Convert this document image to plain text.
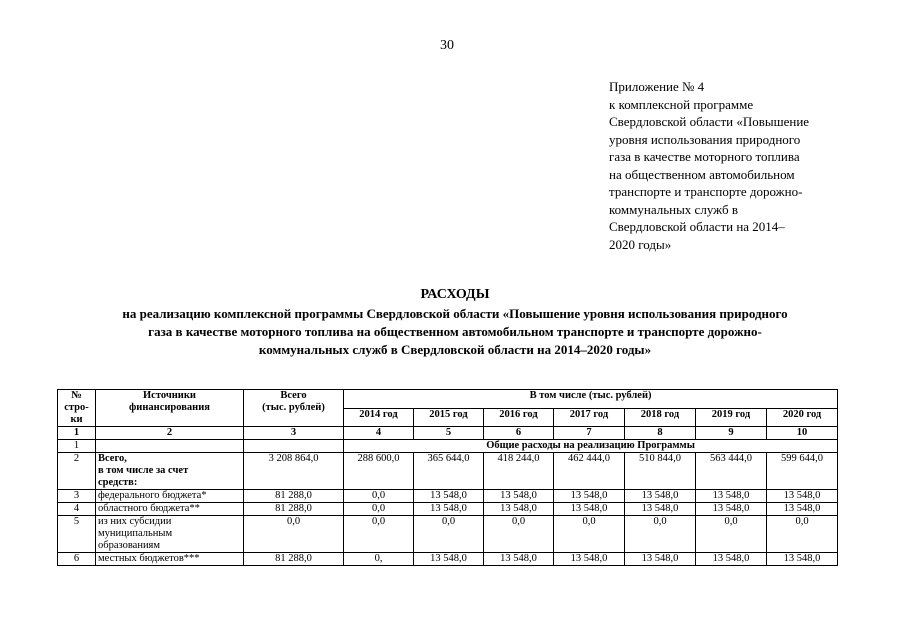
30
Приложение № 4
к комплексной программе
Свердловской области «Повышение
уровня использования природного
газа в качестве моторного топлива
на общественном автомобильном
транспорте и транспорте дорожно-
коммунальных служб в
Свердловской области на 2014–
2020 годы»
РАСХОДЫ
на реализацию комплексной программы Свердловской области «Повышение уровня использования природного
газа в качестве моторного топлива на общественном автомобильном транспорте и транспорте дорожно-
коммунальных служб в Свердловской области на 2014–2020 годы»
№
стро-
ки	Источники
финансирования	Всего
(тыс. рублей)	В том числе (тыс. рублей)						
			2014 год	2015 год	2016 год	2017 год	2018 год	2019 год	2020 год
1	2	3	4	5	6	7	8	9	10
1			Общие расходы на реализацию Программы						
2	Всего,
в том числе за счет
средств:	3 208 864,0	288 600,0	365 644,0	418 244,0	462 444,0	510 844,0	563 444,0	599 644,0
3	федерального бюджета*	81 288,0	0,0	13 548,0	13 548,0	13 548,0	13 548,0	13 548,0	13 548,0
4	областного бюджета**	81 288,0	0,0	13 548,0	13 548,0	13 548,0	13 548,0	13 548,0	13 548,0
5	из них субсидии
муниципальным
образованиям	0,0	0,0	0,0	0,0	0,0	0,0	0,0	0,0
6	местных бюджетов***	81 288,0	0,	13 548,0	13 548,0	13 548,0	13 548,0	13 548,0	13 548,0
